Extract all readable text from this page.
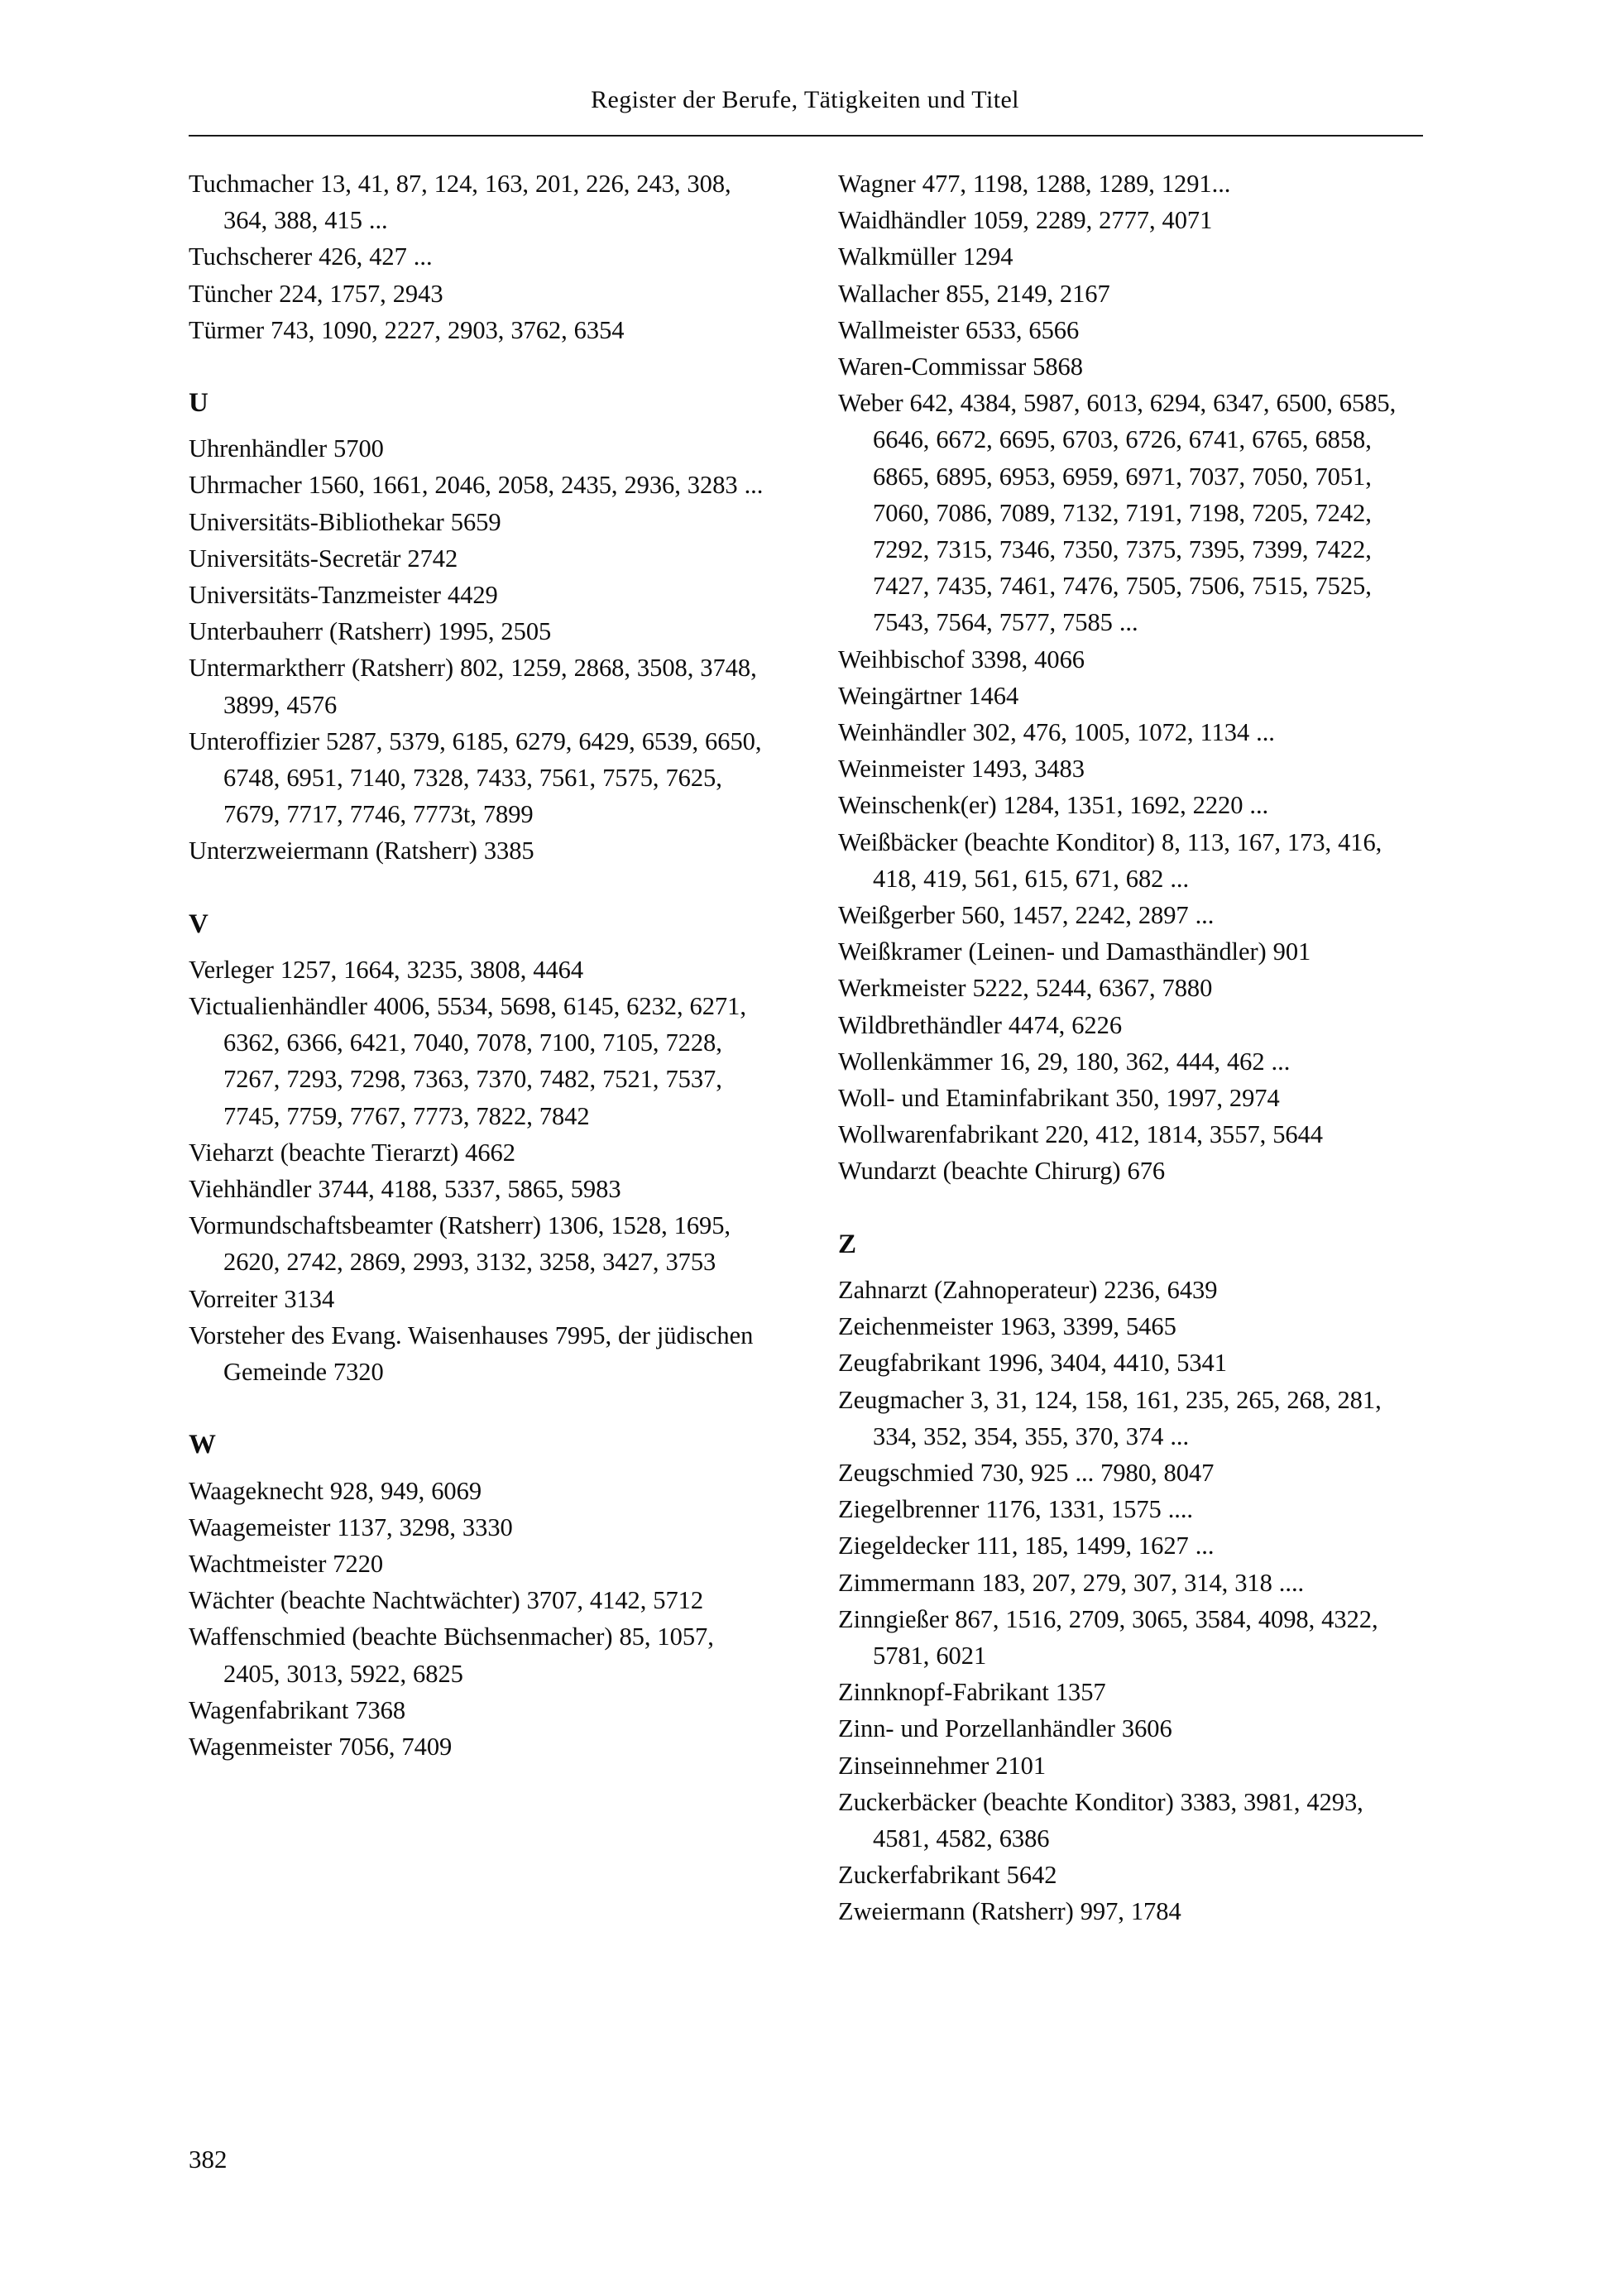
Register der Berufe, Tätigkeiten und Titel
Tuchmacher 13, 41, 87, 124, 163, 201, 226, 243, 308, 364, 388, 415 ...
Tuchscherer 426, 427 ...
Tüncher 224, 1757, 2943
Türmer 743, 1090, 2227, 2903, 3762, 6354
U
Uhrenhändler 5700
Uhrmacher 1560, 1661, 2046, 2058, 2435, 2936, 3283 ...
Universitäts-Bibliothekar 5659
Universitäts-Secretär 2742
Universitäts-Tanzmeister 4429
Unterbauherr (Ratsherr) 1995, 2505
Untermarktherr (Ratsherr) 802, 1259, 2868, 3508, 3748, 3899, 4576
Unteroffizier 5287, 5379, 6185, 6279, 6429, 6539, 6650, 6748, 6951, 7140, 7328, 7433, 7561, 7575, 7625, 7679, 7717, 7746, 7773t, 7899
Unterzweiermann (Ratsherr) 3385
V
Verleger 1257, 1664, 3235, 3808, 4464
Victualienhändler 4006, 5534, 5698, 6145, 6232, 6271, 6362, 6366, 6421, 7040, 7078, 7100, 7105, 7228, 7267, 7293, 7298, 7363, 7370, 7482, 7521, 7537, 7745, 7759, 7767, 7773, 7822, 7842
Vieharzt (beachte Tierarzt) 4662
Viehhändler 3744, 4188, 5337, 5865, 5983
Vormundschaftsbeamter (Ratsherr) 1306, 1528, 1695, 2620, 2742, 2869, 2993, 3132, 3258, 3427, 3753
Vorreiter 3134
Vorsteher des Evang. Waisenhauses 7995, der jüdischen Gemeinde 7320
W
Waageknecht 928, 949, 6069
Waagemeister 1137, 3298, 3330
Wachtmeister 7220
Wächter (beachte Nachtwächter) 3707, 4142, 5712
Waffenschmied (beachte Büchsenmacher) 85, 1057, 2405, 3013, 5922, 6825
Wagenfabrikant 7368
Wagenmeister 7056, 7409
Wagner 477, 1198, 1288, 1289, 1291...
Waidhändler 1059, 2289, 2777, 4071
Walkmüller 1294
Wallacher 855, 2149, 2167
Wallmeister 6533, 6566
Waren-Commissar 5868
Weber 642, 4384, 5987, 6013, 6294, 6347, 6500, 6585, 6646, 6672, 6695, 6703, 6726, 6741, 6765, 6858, 6865, 6895, 6953, 6959, 6971, 7037, 7050, 7051, 7060, 7086, 7089, 7132, 7191, 7198, 7205, 7242, 7292, 7315, 7346, 7350, 7375, 7395, 7399, 7422, 7427, 7435, 7461, 7476, 7505, 7506, 7515, 7525, 7543, 7564, 7577, 7585 ...
Weihbischof 3398, 4066
Weingärtner 1464
Weinhändler 302, 476, 1005, 1072, 1134 ...
Weinmeister 1493, 3483
Weinschenk(er) 1284, 1351, 1692, 2220 ...
Weißbäcker (beachte Konditor) 8, 113, 167, 173, 416, 418, 419, 561, 615, 671, 682 ...
Weißgerber 560, 1457, 2242, 2897 ...
Weißkramer (Leinen- und Damasthändler) 901
Werkmeister 5222, 5244, 6367, 7880
Wildbrethändler 4474, 6226
Wollenkämmer 16, 29, 180, 362, 444, 462 ...
Woll- und Etaminfabrikant 350, 1997, 2974
Wollwarenfabrikant 220, 412, 1814, 3557, 5644
Wundarzt (beachte Chirurg) 676
Z
Zahnarzt (Zahnoperateur) 2236, 6439
Zeichenmeister 1963, 3399, 5465
Zeugfabrikant 1996, 3404, 4410, 5341
Zeugmacher 3, 31, 124, 158, 161, 235, 265, 268, 281, 334, 352, 354, 355, 370, 374 ...
Zeugschmied 730, 925 ... 7980, 8047
Ziegelbrenner 1176, 1331, 1575 ....
Ziegeldecker 111, 185, 1499, 1627 ...
Zimmermann 183, 207, 279, 307, 314, 318 ....
Zinngießer 867, 1516, 2709, 3065, 3584, 4098, 4322, 5781, 6021
Zinnknopf-Fabrikant 1357
Zinn- und Porzellanhändler 3606
Zinseinnehmer 2101
Zuckerbäcker (beachte Konditor) 3383, 3981, 4293, 4581, 4582, 6386
Zuckerfabrikant 5642
Zweiermann (Ratsherr) 997, 1784
382
